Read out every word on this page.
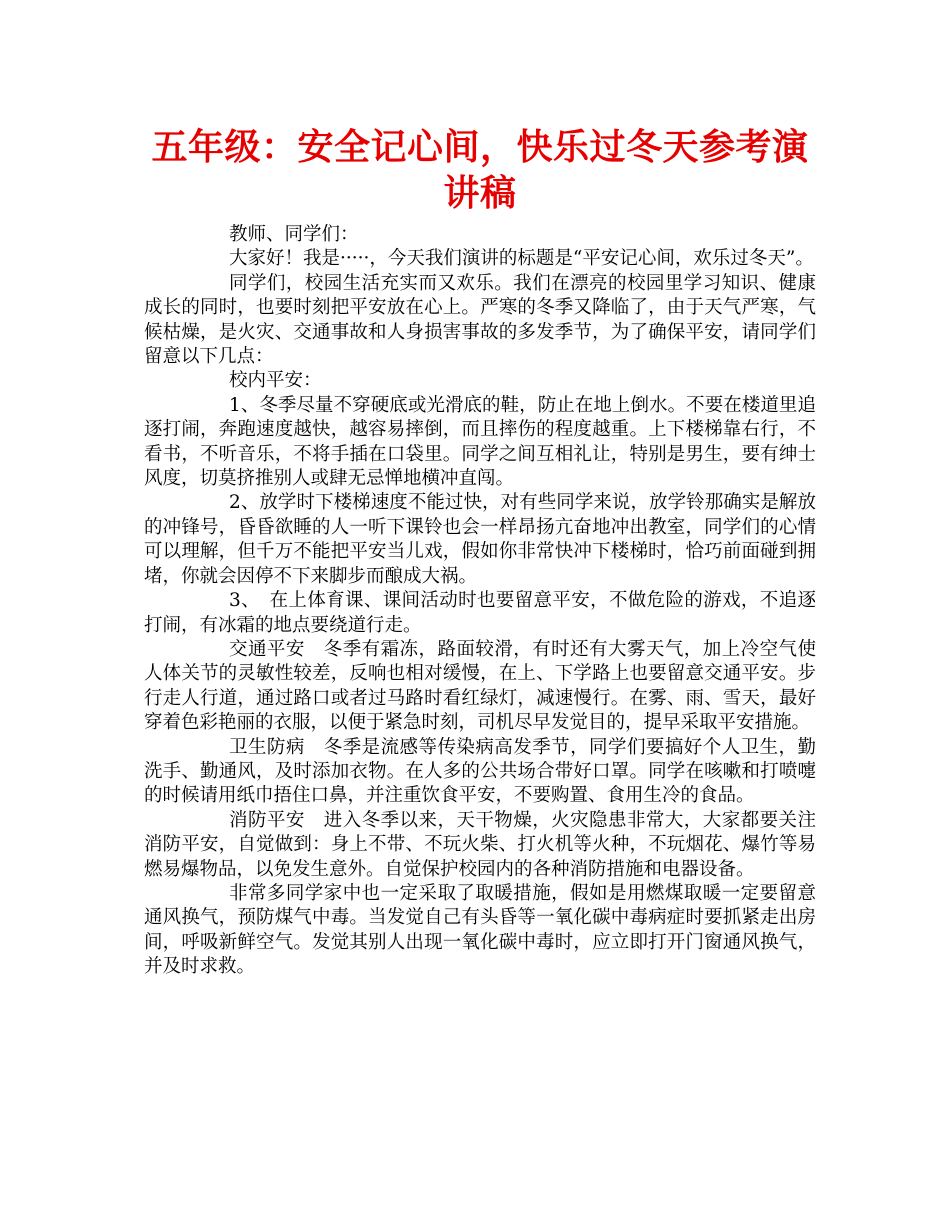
五年级：安全记心间，快乐过冬天参考演讲稿

教师、同学们：

大家好！我是·····，今天我们演讲的标题是“平安记心间，欢乐过冬天”。

同学们，校园生活充实而又欢乐。我们在漂亮的校园里学习知识、健康成长的同时，也要时刻把平安放在心上。严寒的冬季又降临了，由于天气严寒，气候枯燥，是火灾、交通事故和人身损害事故的多发季节，为了确保平安，请同学们留意以下几点：

校内平安：

1、冬季尽量不穿硬底或光滑底的鞋，防止在地上倒水。不要在楼道里追逐打闹，奔跑速度越快，越容易摔倒，而且摔伤的程度越重。上下楼梯靠右行，不看书，不听音乐，不将手插在口袋里。同学之间互相礼让，特别是男生，要有绅士风度，切莫挤推别人或肆无忌惮地横冲直闯。

2、放学时下楼梯速度不能过快，对有些同学来说，放学铃那确实是解放的冲锋号，昏昏欲睡的人一听下课铃也会一样昂扬亢奋地冲出教室，同学们的心情可以理解，但千万不能把平安当儿戏，假如你非常快冲下楼梯时，恰巧前面碰到拥堵，你就会因停不下来脚步而酿成大祸。

3、　在上体育课、课间活动时也要留意平安，不做危险的游戏，不追逐打闹，有冰霜的地点要绕道行走。

交通平安　冬季有霜冻，路面较滑，有时还有大雾天气，加上冷空气使人体关节的灵敏性较差，反响也相对缓慢，在上、下学路上也要留意交通平安。步行走人行道，通过路口或者过马路时看红绿灯，减速慢行。在雾、雨、雪天，最好穿着色彩艳丽的衣服，以便于紧急时刻，司机尽早发觉目的，提早采取平安措施。

卫生防病　冬季是流感等传染病高发季节，同学们要搞好个人卫生，勤洗手、勤通风，及时添加衣物。在人多的公共场合带好口罩。同学在咳嗽和打喷嚏的时候请用纸巾捂住口鼻，并注重饮食平安，不要购置、食用生冷的食品。

消防平安　进入冬季以来，天干物燥，火灾隐患非常大，大家都要关注消防平安，自觉做到：身上不带、不玩火柴、打火机等火种，不玩烟花、爆竹等易燃易爆物品，以免发生意外。自觉保护校园内的各种消防措施和电器设备。

非常多同学家中也一定采取了取暖措施，假如是用燃煤取暖一定要留意通风换气，预防煤气中毒。当发觉自己有头昏等一氧化碳中毒病症时要抓紧走出房间，呼吸新鲜空气。发觉其别人出现一氧化碳中毒时，应立即打开门窗通风换气，并及时求救。
